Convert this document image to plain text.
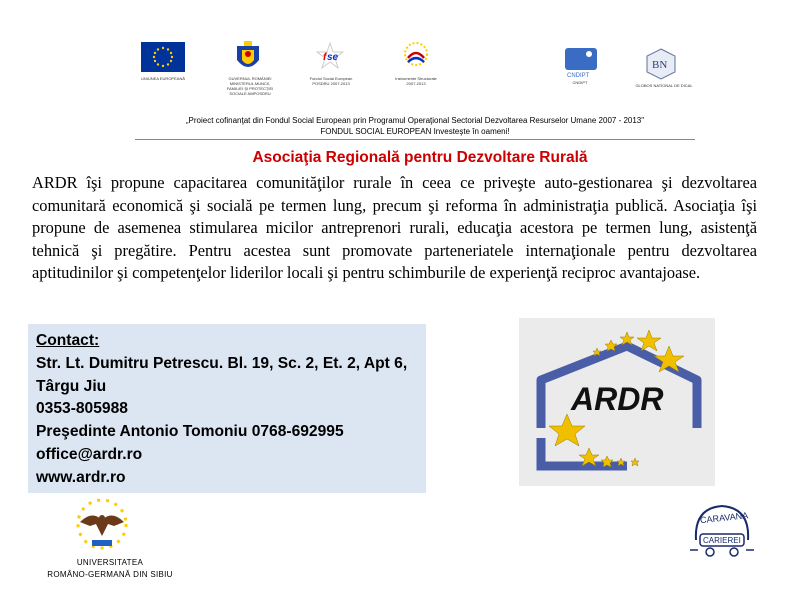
UNIUNEA EUROPEANĂ	GUVERNUL ROMÂNIEI MINISTERUL MUNCII, FAMILIEI ŞI PROTECŢIEI SOCIALE AMPOSDRU
f se
Fondul Social European POSDRU 2007-2013
Instrumente Structurale 2007-2013
CNDIPT
CNDIPT
BN
GLOBOS NATIONAL DE DICAL
„Proiect cofinanţat din Fondul Social European prin Programul Operaţional Sectorial Dezvoltarea Resurselor Umane 2007 - 2013"
FONDUL SOCIAL EUROPEAN Investeşte în oameni!
Asociaţia Regională pentru Dezvoltare Rurală
ARDR îşi propune capacitarea comunităţilor rurale în ceea ce priveşte auto-gestionarea şi dezvoltarea comunitară economică şi socială pe termen lung, precum şi reforma în administraţia publică. Asociaţia îşi propune de asemenea stimularea micilor antreprenori rurali, educaţia acestora pe termen lung, asistenţă tehnică şi pregătire. Pentru acestea sunt promovate parteneriatele internaţionale pentru dezvoltarea aptitudinilor şi competenţelor liderilor locali şi pentru schimburile de experienţă reciproc avantajoase.
Contact:
Str. Lt. Dumitru Petrescu. Bl. 19, Sc. 2, Et. 2, Apt 6, Târgu Jiu
0353-805988
Preşedinte Antonio Tomoniu 0768-692995
office@ardr.ro
www.ardr.ro
ARDR
UNIVERSITATEA
ROMÂNO-GERMANĂ DIN SIBIU
CARAVANA
CARIEREI
